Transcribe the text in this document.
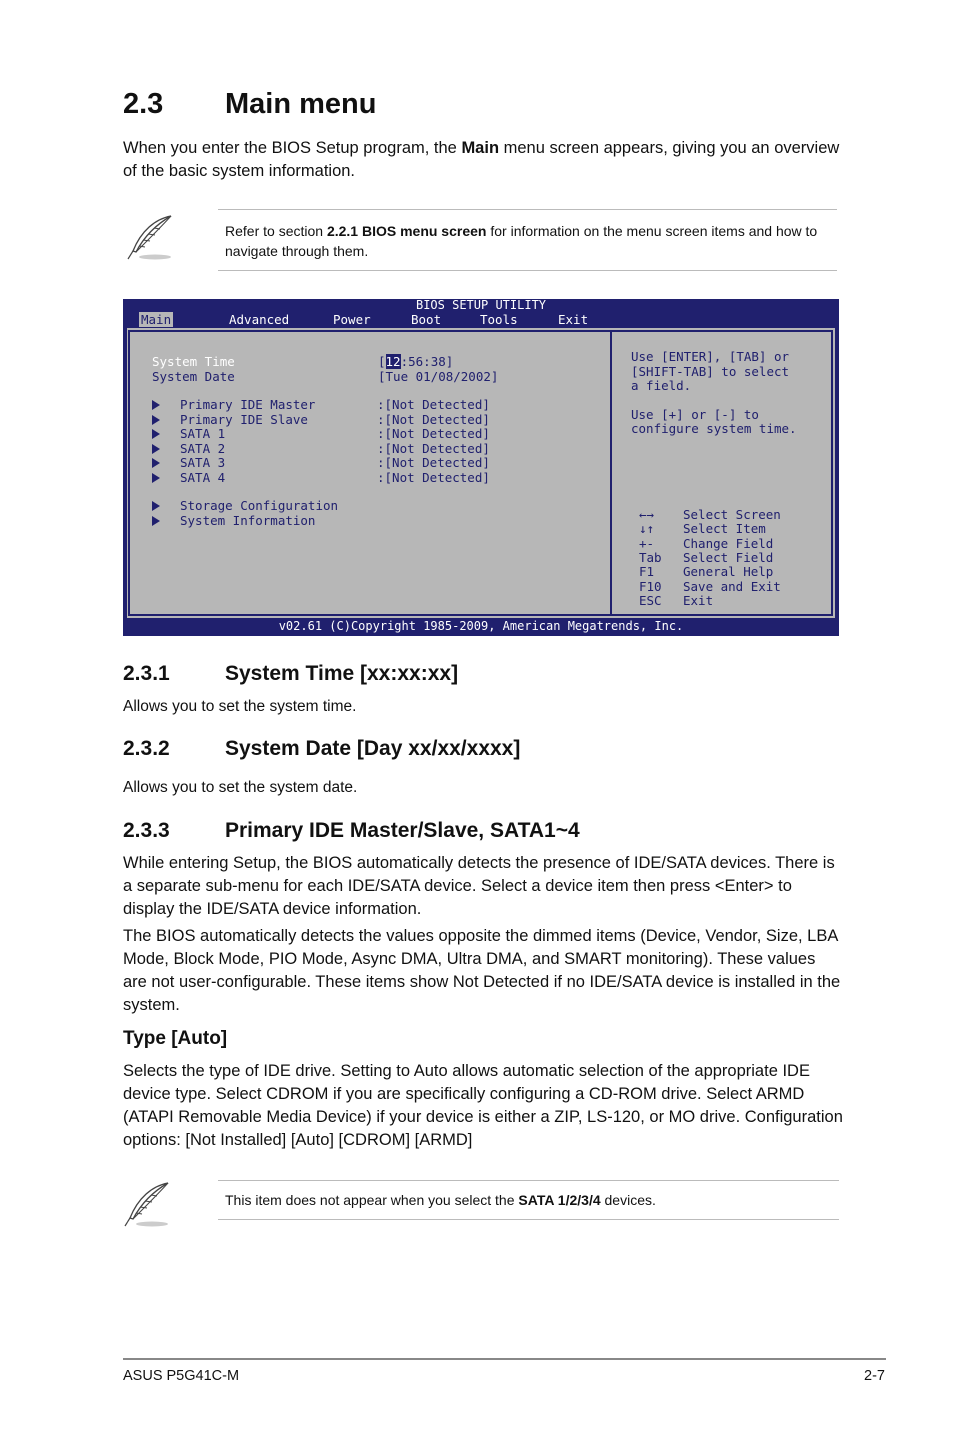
2.3 Main menu

When you enter the BIOS Setup program, the Main menu screen appears, giving you an overview of the basic system information.

Refer to section 2.2.1 BIOS menu screen for information on the menu screen items and how to navigate through them.

BIOS SETUP UTILITY
Main	Advanced	Power	Boot	Tools	Exit
System Time	[12:56:38]
System Date	[Tue 01/08/2002]
Primary IDE Master	:[Not Detected]
Primary IDE Slave	:[Not Detected]
SATA 1	:[Not Detected]
SATA 2	:[Not Detected]
SATA 3	:[Not Detected]
SATA 4	:[Not Detected]
Storage Configuration
System Information
Use [ENTER], [TAB] or
[SHIFT-TAB] to select
a field.
Use [+] or [-] to
configure system time.
←→ Select Screen
↓↑ Select Item
+- Change Field
Tab Select Field
F1 General Help
F10 Save and Exit
ESC Exit
v02.61 (C)Copyright 1985-2009, American Megatrends, Inc.
2.3.1	System Time [xx:xx:xx]

Allows you to set the system time.

2.3.2	System Date [Day xx/xx/xxxx]

Allows you to set the system date.

2.3.3	Primary IDE Master/Slave, SATA1~4

While entering Setup, the BIOS automatically detects the presence of IDE/SATA devices. There is a separate sub-menu for each IDE/SATA device. Select a device item then press <Enter> to display the IDE/SATA device information.

The BIOS automatically detects the values opposite the dimmed items (Device, Vendor, Size, LBA Mode, Block Mode, PIO Mode, Async DMA, Ultra DMA, and SMART monitoring). These values are not user-configurable. These items show Not Detected if no IDE/SATA device is installed in the system.

Type [Auto]

Selects the type of IDE drive. Setting to Auto allows automatic selection of the appropriate IDE device type. Select CDROM if you are specifically configuring a CD-ROM drive. Select ARMD (ATAPI Removable Media Device) if your device is either a ZIP, LS-120, or MO drive. Configuration options: [Not Installed] [Auto] [CDROM] [ARMD]

This item does not appear when you select the SATA 1/2/3/4 devices.

ASUS P5G41C-M	2-7
